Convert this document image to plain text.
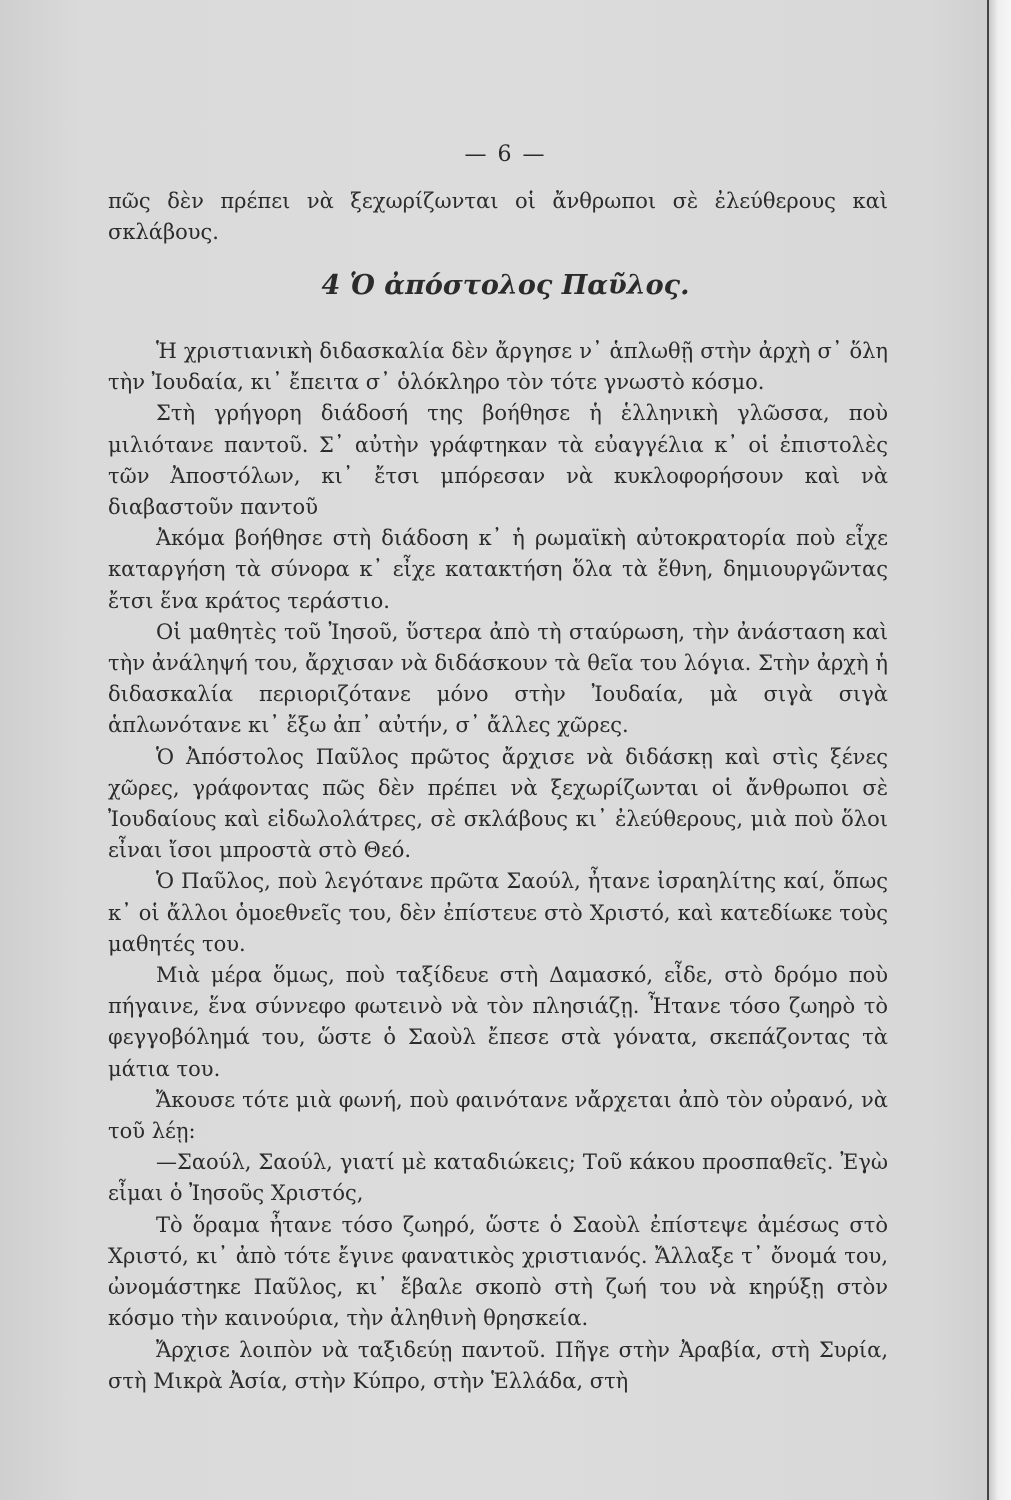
— 6 —

πῶς δὲν πρέπει νὰ ξεχωρίζωνται οἱ ἄνθρωποι σὲ ἐλεύθερους καὶ σκλάβους.

4 Ὁ ἀπόστολος Παῦλος.

Ἡ χριστιανικὴ διδασκαλία δὲν ἄργησε ν᾿ ἁπλωθῇ στὴν ἀρχὴ σ᾿ ὅλη τὴν Ἰουδαία, κι᾿ ἔπειτα σ᾿ ὁλόκληρο τὸν τότε γνωστὸ κόσμο.

Στὴ γρήγορη διάδοσή της βοήθησε ἡ ἑλληνικὴ γλῶσσα, ποὺ μιλιότανε παντοῦ. Σ᾿ αὐτὴν γράφτηκαν τὰ εὐαγγέλια κ᾿ οἱ ἐπιστολὲς τῶν Ἀποστόλων, κι᾿ ἔτσι μπόρεσαν νὰ κυκλοφορήσουν καὶ νὰ διαβαστοῦν παντοῦ

Ἀκόμα βοήθησε στὴ διάδοση κ᾿ ἡ ρωμαϊκὴ αὐτοκρατορία ποὺ εἶχε καταργήση τὰ σύνορα κ᾿ εἶχε κατακτήση ὅλα τὰ ἔθνη, δημιουργῶντας ἔτσι ἕνα κράτος τεράστιο.

Οἱ μαθητὲς τοῦ Ἰησοῦ, ὕστερα ἀπὸ τὴ σταύρωση, τὴν ἀνάσταση καὶ τὴν ἀνάληψή του, ἄρχισαν νὰ διδάσκουν τὰ θεῖα του λόγια. Στὴν ἀρχὴ ἡ διδασκαλία περιοριζότανε μόνο στὴν Ἰουδαία, μὰ σιγὰ σιγὰ ἁπλωνότανε κι᾿ ἔξω ἀπ᾿ αὐτήν, σ᾿ ἄλλες χῶρες.

Ὁ Ἀπόστολος Παῦλος πρῶτος ἄρχισε νὰ διδάσκῃ καὶ στὶς ξένες χῶρες, γράφοντας πῶς δὲν πρέπει νὰ ξεχωρίζωνται οἱ ἄνθρωποι σὲ Ἰουδαίους καὶ εἰδωλολάτρες, σὲ σκλάβους κι᾿ ἐλεύθερους, μιὰ ποὺ ὅλοι εἶναι ἴσοι μπροστὰ στὸ Θεό.

Ὁ Παῦλος, ποὺ λεγότανε πρῶτα Σαούλ, ἦτανε ἰσραηλίτης καί, ὅπως κ᾿ οἱ ἄλλοι ὁμοεθνεῖς του, δὲν ἐπίστευε στὸ Χριστό, καὶ κατεδίωκε τοὺς μαθητές του.

Μιὰ μέρα ὅμως, ποὺ ταξίδευε στὴ Δαμασκό, εἶδε, στὸ δρόμο ποὺ πήγαινε, ἕνα σύννεφο φωτεινὸ νὰ τὸν πλησιάζῃ. Ἦτανε τόσο ζωηρὸ τὸ φεγγοβόλημά του, ὥστε ὁ Σαοὺλ ἔπεσε στὰ γόνατα, σκεπάζοντας τὰ μάτια του.

Ἄκουσε τότε μιὰ φωνή, ποὺ φαινότανε νἄρχεται ἀπὸ τὸν οὐρανό, νὰ τοῦ λέῃ:

—Σαούλ, Σαούλ, γιατί μὲ καταδιώκεις; Τοῦ κάκου προσπαθεῖς. Ἐγὼ εἶμαι ὁ Ἰησοῦς Χριστός,

Τὸ ὅραμα ἦτανε τόσο ζωηρό, ὥστε ὁ Σαοὺλ ἐπίστεψε ἀμέσως στὸ Χριστό, κι᾿ ἀπὸ τότε ἔγινε φανατικὸς χριστιανός. Ἄλλαξε τ᾿ ὄνομά του, ὠνομάστηκε Παῦλος, κι᾿ ἔβαλε σκοπὸ στὴ ζωή του νὰ κηρύξῃ στὸν κόσμο τὴν καινούρια, τὴν ἀληθινὴ θρησκεία.

Ἄρχισε λοιπὸν νὰ ταξιδεύῃ παντοῦ. Πῆγε στὴν Ἀραβία, στὴ Συρία, στὴ Μικρὰ Ἀσία, στὴν Κύπρο, στὴν Ἑλλάδα, στὴ
